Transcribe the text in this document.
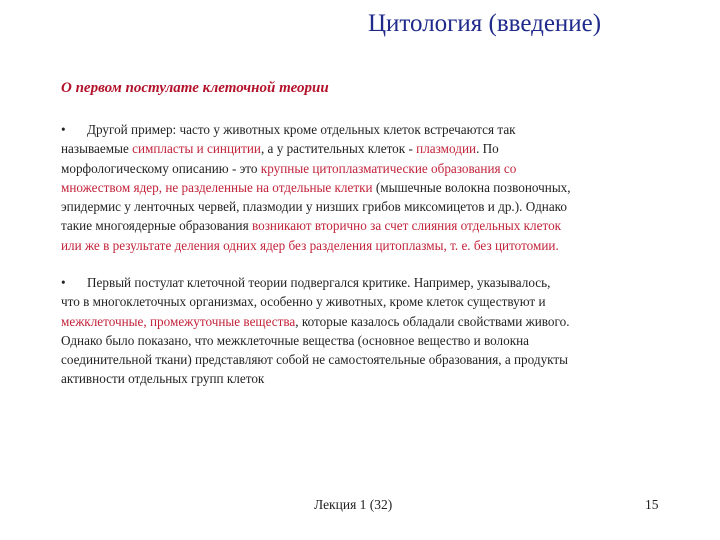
Цитология (введение)
О первом постулате клеточной теории
• Другой пример: часто у животных кроме отдельных клеток встречаются так
называемые симпласты и синцитии, а у растительных клеток - плазмодии. По
морфологическому описанию - это крупные цитоплазматические образования со
множеством ядер, не разделенные на отдельные клетки (мышечные волокна позвоночных,
эпидермис у ленточных червей, плазмодии у низших грибов миксомицетов и др.). Однако
такие многоядерные образования возникают вторично за счет слияния отдельных клеток
или же в результате деления одних ядер без разделения цитоплазмы, т. е. без цитотомии.
• Первый постулат клеточной теории подвергался критике. Например, указывалось,
что в многоклеточных организмах, особенно у животных, кроме клеток существуют и
межклеточные, промежуточные вещества, которые казалось обладали свойствами живого.
Однако было показано, что межклеточные вещества (основное вещество и волокна
соединительной ткани) представляют собой не самостоятельные образования, а продукты
активности отдельных групп клеток
Лекция 1 (32)	15
